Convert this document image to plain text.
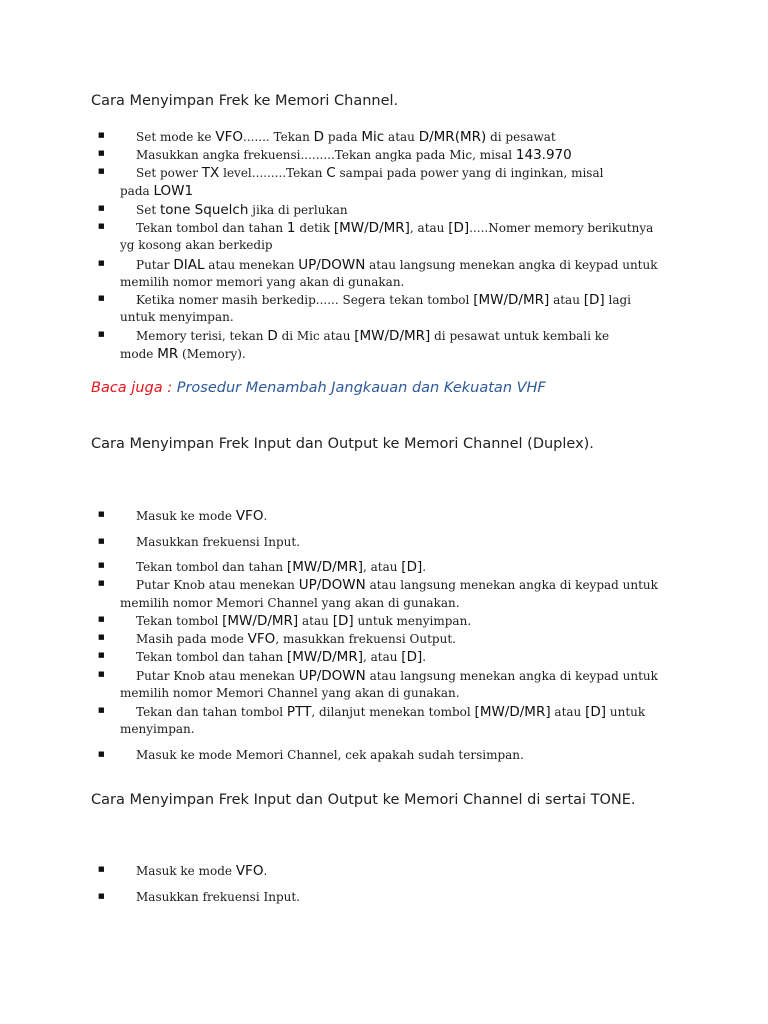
Cara Menyimpan Frek ke Memori Channel.
■	Set mode ke VFO....... Tekan D pada Mic atau D/MR(MR) di pesawat
■	Masukkan angka frekuensi.........Tekan angka pada Mic, misal 143.970
■	Set power TX level.........Tekan C sampai pada power yang di inginkan, misal
pada LOW1
■	Set tone Squelch jika di perlukan
■	Tekan tombol dan tahan 1 detik [MW/D/MR], atau [D].....Nomer memory berikutnya
yg kosong akan berkedip
■	Putar DIAL atau menekan UP/DOWN atau langsung menekan angka di keypad untuk
memilih nomor memori yang akan di gunakan.
■	Ketika nomer masih berkedip...... Segera tekan tombol [MW/D/MR] atau [D] lagi
untuk menyimpan.
■	Memory terisi, tekan D di Mic atau [MW/D/MR] di pesawat untuk kembali ke
mode MR (Memory).
Baca juga : Prosedur Menambah Jangkauan dan Kekuatan VHF
Cara Menyimpan Frek Input dan Output ke Memori Channel (Duplex).
■	Masuk ke mode VFO.
■	Masukkan frekuensi Input.
■	Tekan tombol dan tahan [MW/D/MR], atau [D].
■	Putar Knob atau menekan UP/DOWN atau langsung menekan angka di keypad untuk
memilih nomor Memori Channel yang akan di gunakan.
■	Tekan tombol [MW/D/MR] atau [D] untuk menyimpan.
■	Masih pada mode VFO, masukkan frekuensi Output.
■	Tekan tombol dan tahan [MW/D/MR], atau [D].
■	Putar Knob atau menekan UP/DOWN atau langsung menekan angka di keypad untuk
memilih nomor Memori Channel yang akan di gunakan.
■	Tekan dan tahan tombol PTT, dilanjut menekan tombol [MW/D/MR] atau [D] untuk
menyimpan.
■	Masuk ke mode Memori Channel, cek apakah sudah tersimpan.
Cara Menyimpan Frek Input dan Output ke Memori Channel di sertai TONE.
■	Masuk ke mode VFO.
■	Masukkan frekuensi Input.
